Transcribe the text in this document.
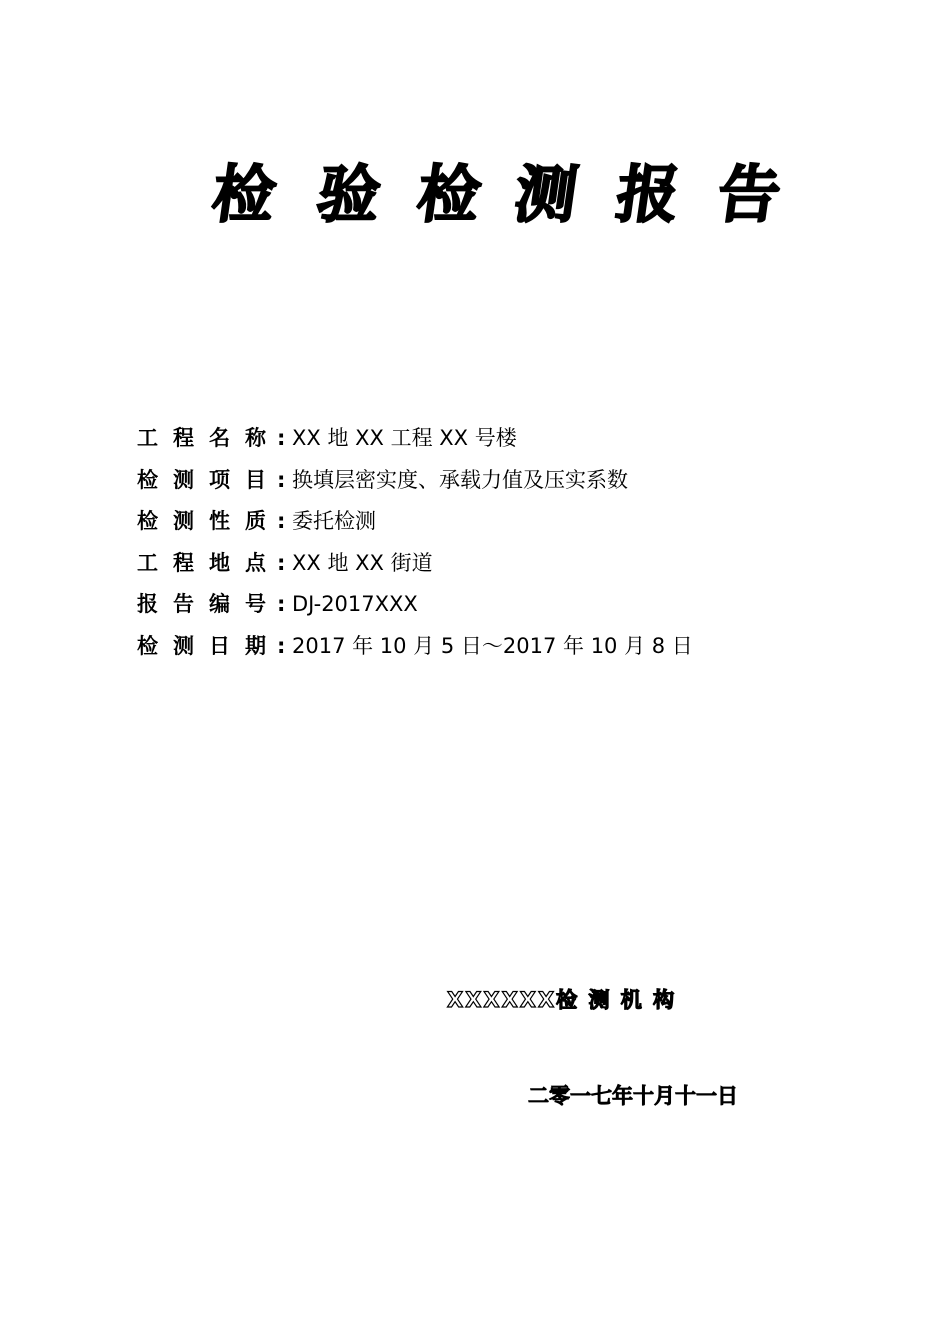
检 验 检 测 报 告
工 程 名 称 : XX 地 XX 工程 XX 号楼
检 测 项 目 : 换填层密实度、承载力值及压实系数
检 测 性 质 : 委托检测
工 程 地 点 : XX 地 XX 街道
报 告 编 号 : DJ-2017XXX
检 测 日 期 : 2017 年 10 月 5 日～2017 年 10 月 8 日
XXXXXX检 测 机 构
二零一七年十月十一日
